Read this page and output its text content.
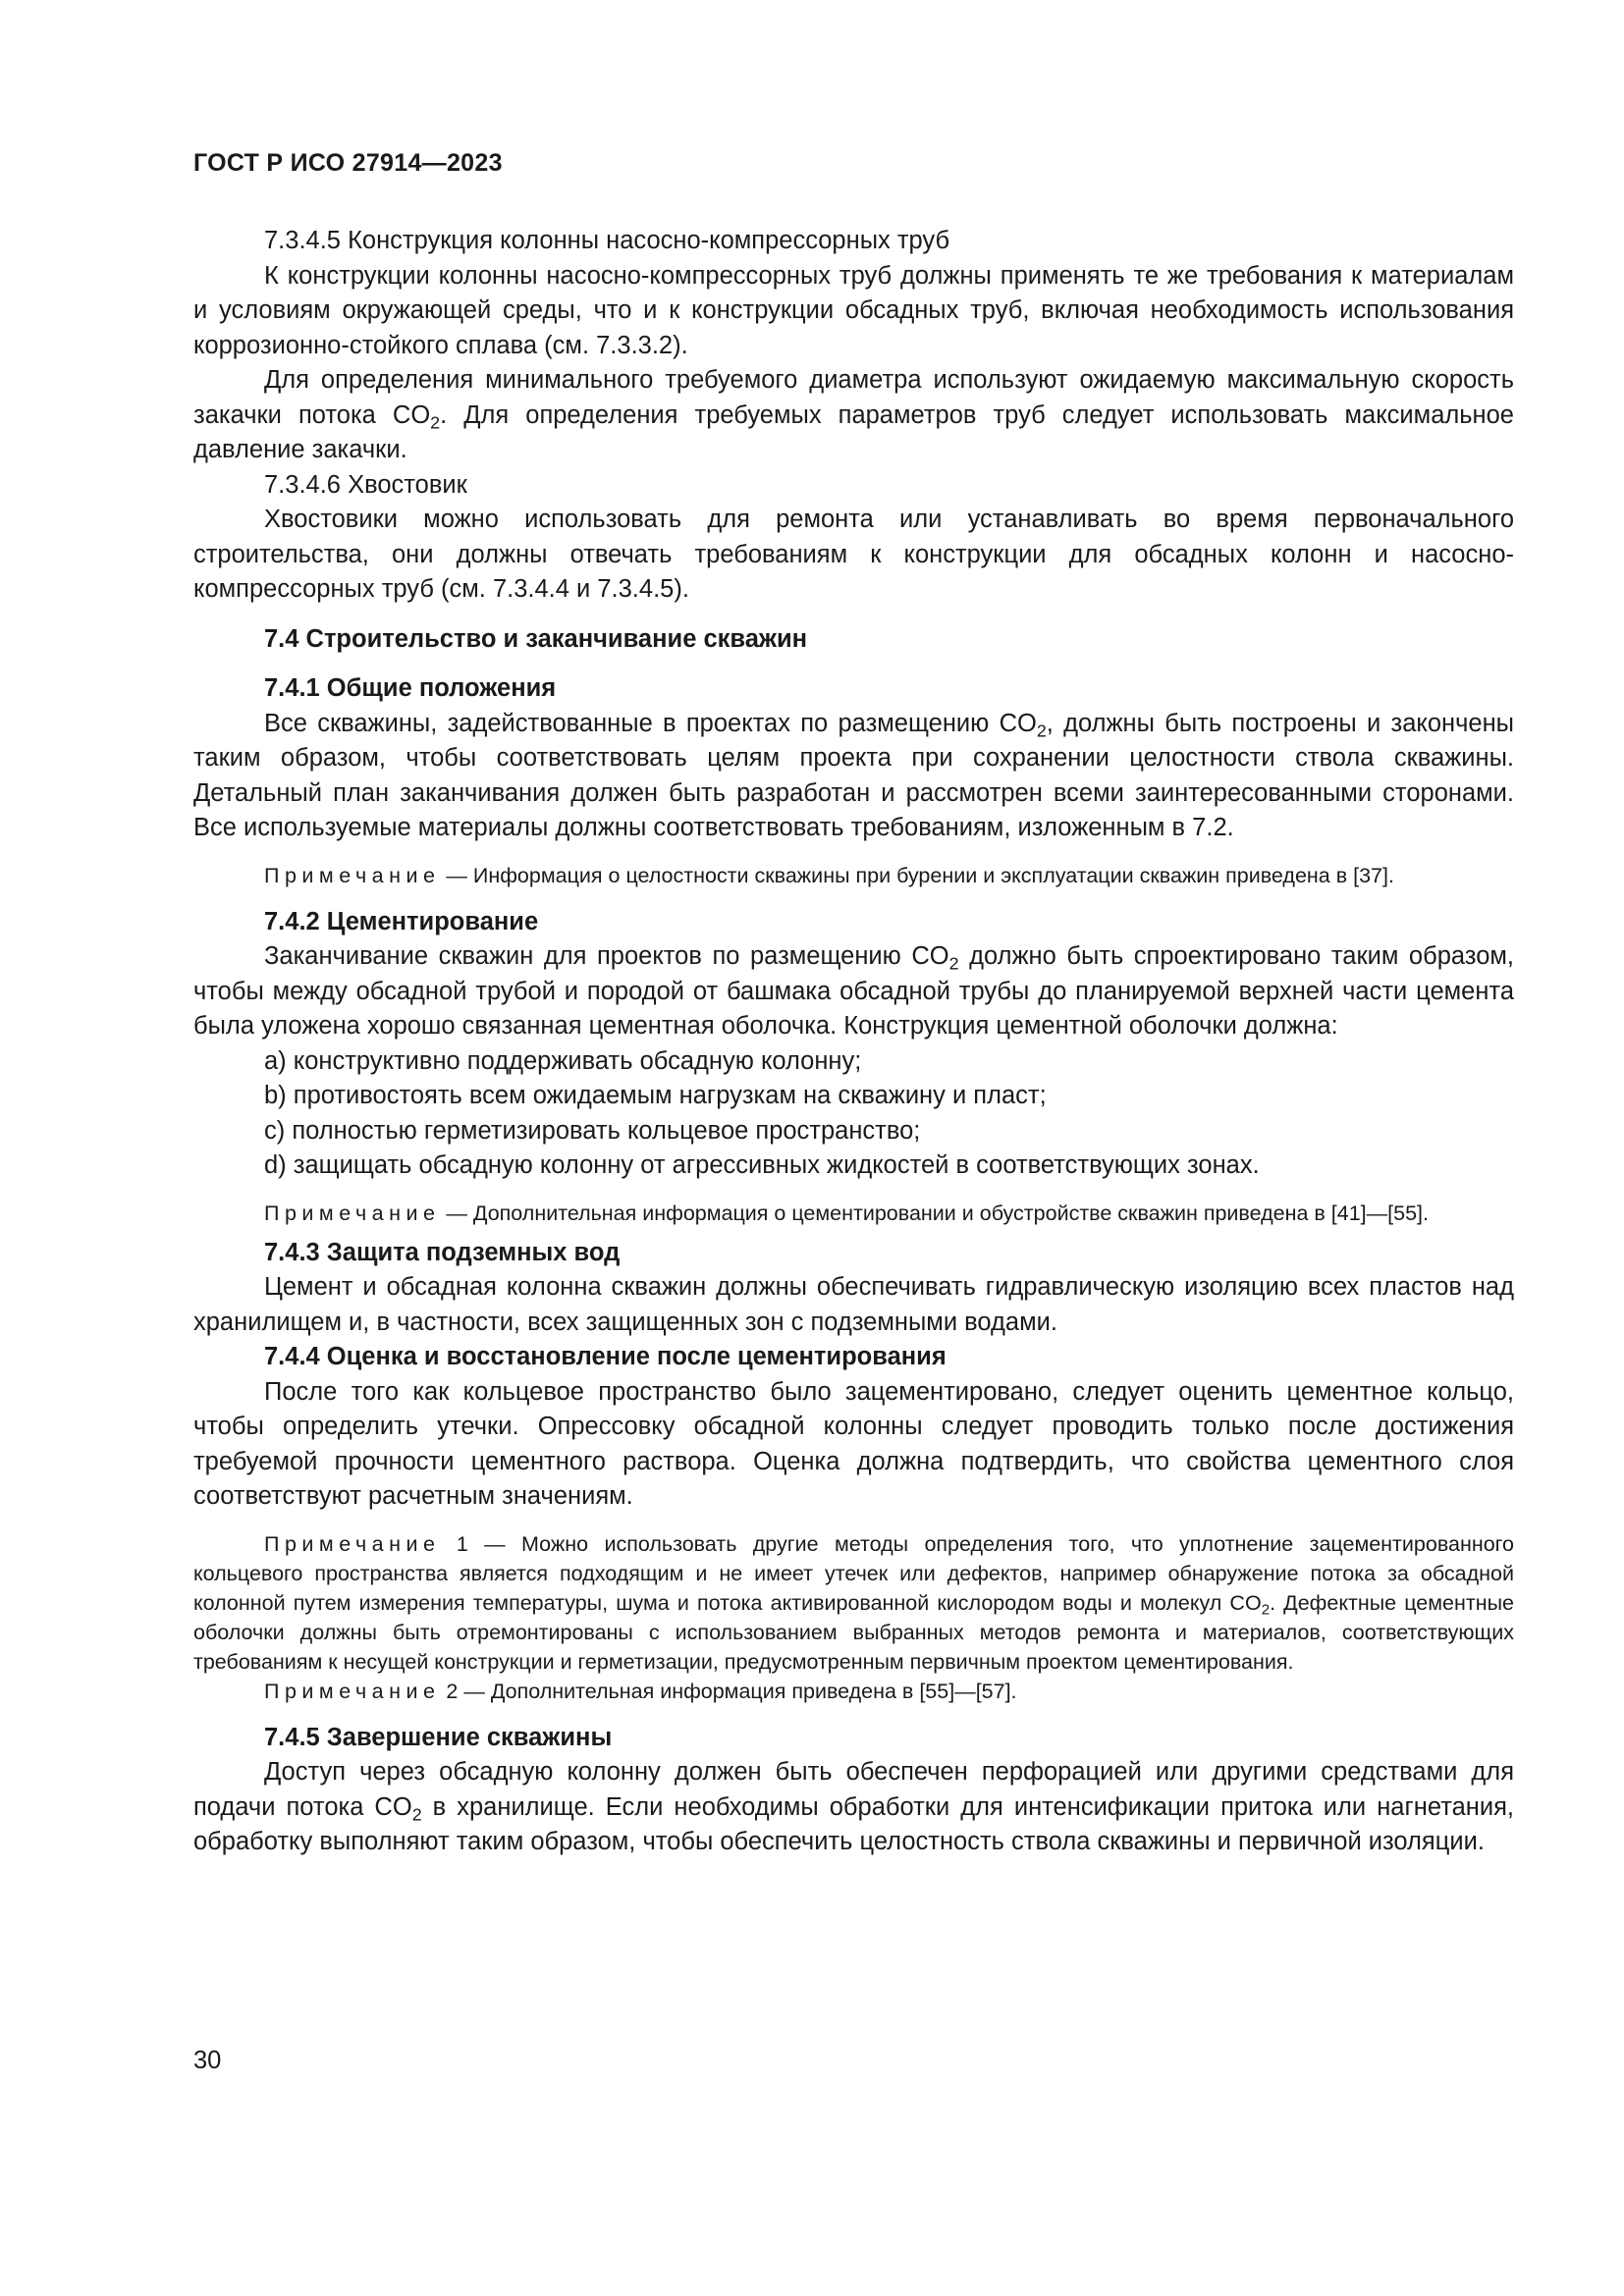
ГОСТ Р ИСО 27914—2023

7.3.4.5 Конструкция колонны насосно-компрессорных труб

К конструкции колонны насосно-компрессорных труб должны применять те же требования к материалам и условиям окружающей среды, что и к конструкции обсадных труб, включая необходимость использования коррозионно-стойкого сплава (см. 7.3.3.2).

Для определения минимального требуемого диаметра используют ожидаемую максимальную скорость закачки потока $CO_2$. Для определения требуемых параметров труб следует использовать максимальное давление закачки.

7.3.4.6 Хвостовик

Хвостовики можно использовать для ремонта или устанавливать во время первоначального строительства, они должны отвечать требованиям к конструкции для обсадных колонн и насосно-компрессорных труб (см. 7.3.4.4 и 7.3.4.5).

7.4 Строительство и заканчивание скважин
7.4.1 Общие положения

Все скважины, задействованные в проектах по размещению $CO_2$, должны быть построены и закончены таким образом, чтобы соответствовать целям проекта при сохранении целостности ствола скважины. Детальный план заканчивания должен быть разработан и рассмотрен всеми заинтересованными сторонами. Все используемые материалы должны соответствовать требованиям, изложенным в 7.2.

Примечание — Информация о целостности скважины при бурении и эксплуатации скважин приведена в [37].

7.4.2 Цементирование

Заканчивание скважин для проектов по размещению $CO_2$ должно быть спроектировано таким образом, чтобы между обсадной трубой и породой от башмака обсадной трубы до планируемой верхней части цемента была уложена хорошо связанная цементная оболочка. Конструкция цементной оболочки должна:

a) конструктивно поддерживать обсадную колонну;
b) противостоять всем ожидаемым нагрузкам на скважину и пласт;
c) полностью герметизировать кольцевое пространство;
d) защищать обсадную колонну от агрессивных жидкостей в соответствующих зонах.

Примечание — Дополнительная информация о цементировании и обустройстве скважин приведена в [41]—[55].

7.4.3 Защита подземных вод

Цемент и обсадная колонна скважин должны обеспечивать гидравлическую изоляцию всех пластов над хранилищем и, в частности, всех защищенных зон с подземными водами.

7.4.4 Оценка и восстановление после цементирования

После того как кольцевое пространство было зацементировано, следует оценить цементное кольцо, чтобы определить утечки. Опрессовку обсадной колонны следует проводить только после достижения требуемой прочности цементного раствора. Оценка должна подтвердить, что свойства цементного слоя соответствуют расчетным значениям.

Примечание 1 — Можно использовать другие методы определения того, что уплотнение зацементированного кольцевого пространства является подходящим и не имеет утечек или дефектов, например обнаружение потока за обсадной колонной путем измерения температуры, шума и потока активированной кислородом воды и молекул $CO_2$. Дефектные цементные оболочки должны быть отремонтированы с использованием выбранных методов ремонта и материалов, соответствующих требованиям к несущей конструкции и герметизации, предусмотренным первичным проектом цементирования.

Примечание 2 — Дополнительная информация приведена в [55]—[57].

7.4.5 Завершение скважины

Доступ через обсадную колонну должен быть обеспечен перфорацией или другими средствами для подачи потока $CO_2$ в хранилище. Если необходимы обработки для интенсификации притока или нагнетания, обработку выполняют таким образом, чтобы обеспечить целостность ствола скважины и первичной изоляции.

30
